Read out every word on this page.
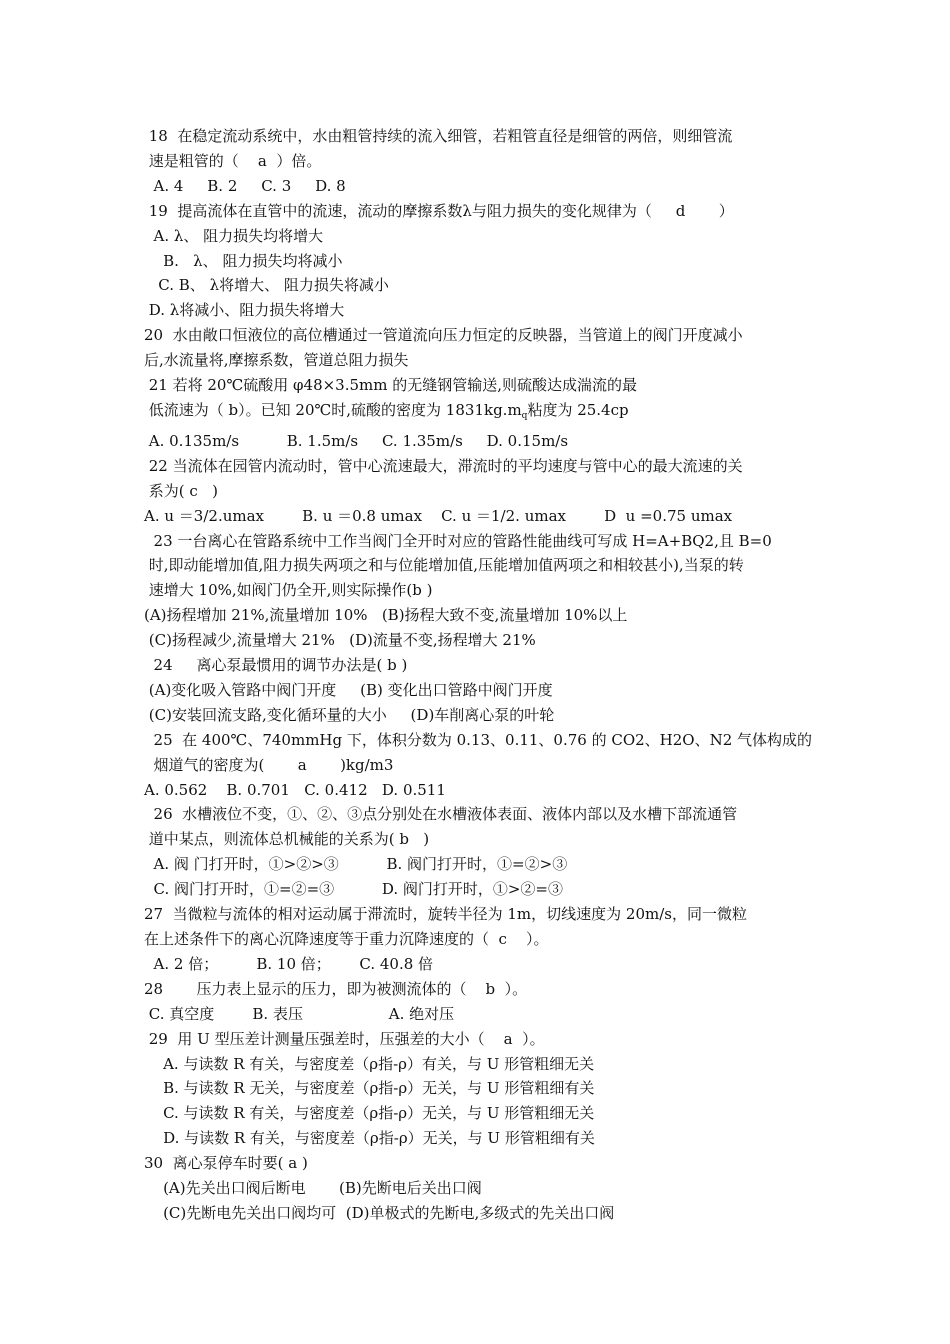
18  在稳定流动系统中，水由粗管持续的流入细管，若粗管直径是细管的两倍，则细管流
速是粗管的（    a  ）倍。
A. 4     B. 2     C. 3     D. 8
19  提高流体在直管中的流速，流动的摩擦系数λ与阻力损失的变化规律为（     d       ）
A. λ、 阻力损失均将增大
B.   λ、 阻力损失均将减小
C. B、 λ将增大、 阻力损失将减小
D. λ将减小、阻力损失将增大
20  水由敞口恒液位的高位槽通过一管道流向压力恒定的反映器，当管道上的阀门开度减小
后,水流量将,摩擦系数，管道总阻力损失
21 若将 20℃硫酸用 φ48×3.5mm 的无缝钢管输送,则硫酸达成湍流的最
低流速为（ b）。已知 20℃时,硫酸的密度为 $1831kg.m_q$粘度为 25.4cp
A. 0.135m/s          B. 1.5m/s     C. 1.35m/s     D. 0.15m/s
22 当流体在园管内流动时，管中心流速最大，滞流时的平均速度与管中心的最大流速的关
系为( c   )
A. u ＝3/2.umax        B. u ＝0.8 umax    C. u ＝1/2. umax        D  u =0.75 umax
23 一台离心在管路系统中工作当阀门全开时对应的管路性能曲线可写成 H=A+BQ2,且 B=0
时,即动能增加值,阻力损失两项之和与位能增加值,压能增加值两项之和相较甚小),当泵的转
速增大 10%,如阀门仍全开,则实际操作(b )
(A)扬程增加 21%,流量增加 10%   (B)扬程大致不变,流量增加 10%以上
(C)扬程减少,流量增大 21%   (D)流量不变,扬程增大 21%
24     离心泵最惯用的调节办法是( b )
(A)变化吸入管路中阀门开度     (B) 变化出口管路中阀门开度
(C)安装回流支路,变化循环量的大小     (D)车削离心泵的叶轮
25  在 400℃、740mmHg 下，体积分数为 0.13、0.11、0.76 的 CO2、H2O、N2 气体构成的
烟道气的密度为(       a       )kg/m3
A. 0.562    B. 0.701   C. 0.412   D. 0.511
26  水槽液位不变，①、②、③点分别处在水槽液体表面、液体内部以及水槽下部流通管
道中某点，则流体总机械能的关系为( b   )
A. 阀 门打开时，①>②>③          B. 阀门打开时，①=②>③
C. 阀门打开时，①=②=③          D. 阀门打开时，①>②=③
27  当微粒与流体的相对运动属于滞流时，旋转半径为 1m，切线速度为 20m/s，同一微粒
在上述条件下的离心沉降速度等于重力沉降速度的（  c    ）。
A. 2 倍；        B. 10 倍；      C. 40.8 倍
28       压力表上显示的压力，即为被测流体的（    b  ）。
C. 真空度        B. 表压                  A. 绝对压
29  用 U 型压差计测量压强差时，压强差的大小（    a  ）。
A. 与读数 R 有关，与密度差（ρ指-ρ）有关，与 U 形管粗细无关
B. 与读数 R 无关，与密度差（ρ指-ρ）无关，与 U 形管粗细有关
C. 与读数 R 有关，与密度差（ρ指-ρ）无关，与 U 形管粗细无关
D. 与读数 R 有关，与密度差（ρ指-ρ）无关，与 U 形管粗细有关
30  离心泵停车时要( a )
(A)先关出口阀后断电       (B)先断电后关出口阀
(C)先断电先关出口阀均可  (D)单极式的先断电,多级式的先关出口阀
